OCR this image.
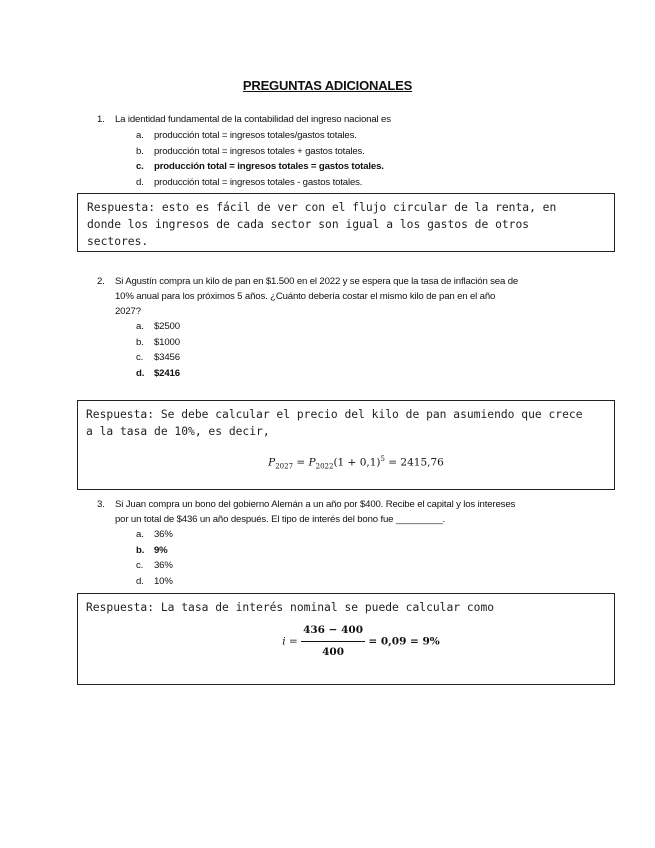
PREGUNTAS ADICIONALES
1. La identidad fundamental de la contabilidad del ingreso nacional es
a.	producción total = ingresos totales/gastos totales.
b.	producción total = ingresos totales + gastos totales.
c.	producción total = ingresos totales = gastos totales.
d.	producción total = ingresos totales - gastos totales.
Respuesta: esto es fácil de ver con el flujo circular de la renta, en
donde los ingresos de cada sector son igual a los gastos de otros
sectores.
2. Si Agustín compra un kilo de pan en $1.500 en el 2022 y se espera que la tasa de inflación sea de
10% anual para los próximos 5 años. ¿Cuánto debería costar el mismo kilo de pan en el año
2027?
a.	$2500
b.	$1000
c.	$3456
d.	$2416
Respuesta: Se debe calcular el precio del kilo de pan asumiendo que crece
a la tasa de 10%, es decir,
$P_{2027} = P_{2022}(1 + 0,1)^5 = 2415,76$
3. Si Juan compra un bono del gobierno Alemán a un año por $400. Recibe el capital y los intereses
por un total de $436 un año después. El tipo de interés del bono fue _________.
a.	36%
b.	9%
c.	36%
d.	10%
Respuesta: La tasa de interés nominal se puede calcular como
$i = \frac{436 - 400}{400} = 0,09 = 9\%$
